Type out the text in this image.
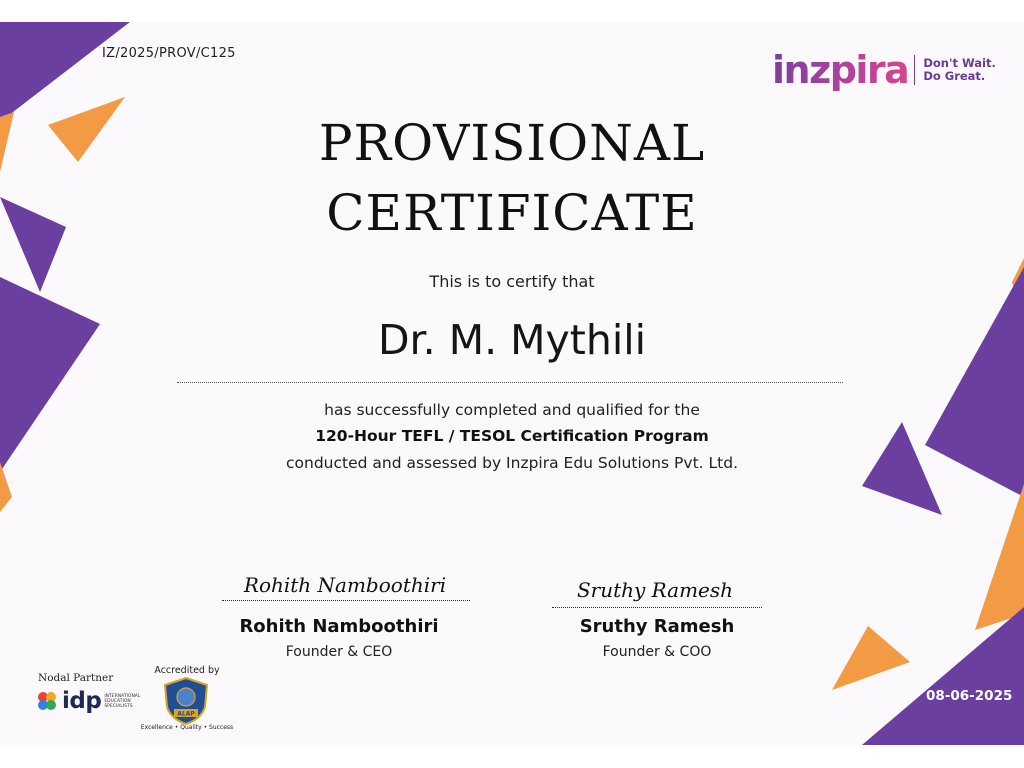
IZ/2025/PROV/C125	inzpira Don't Wait.
Do Great.
PROVISIONAL
CERTIFICATE
This is to certify that
Dr. M. Mythili
has successfully completed and qualified for the
120-Hour TEFL / TESOL Certification Program
conducted and assessed by Inzpira Edu Solutions Pvt. Ltd.
Rohith Namboothiri
Rohith Namboothiri
Founder & CEO
Sruthy Ramesh
Sruthy Ramesh
Founder & COO
Nodal Partner
idp INTERNATIONAL EDUCATION SPECIALISTS
Accredited by
ALAP
Excellence • Quality • Success
08-06-2025
